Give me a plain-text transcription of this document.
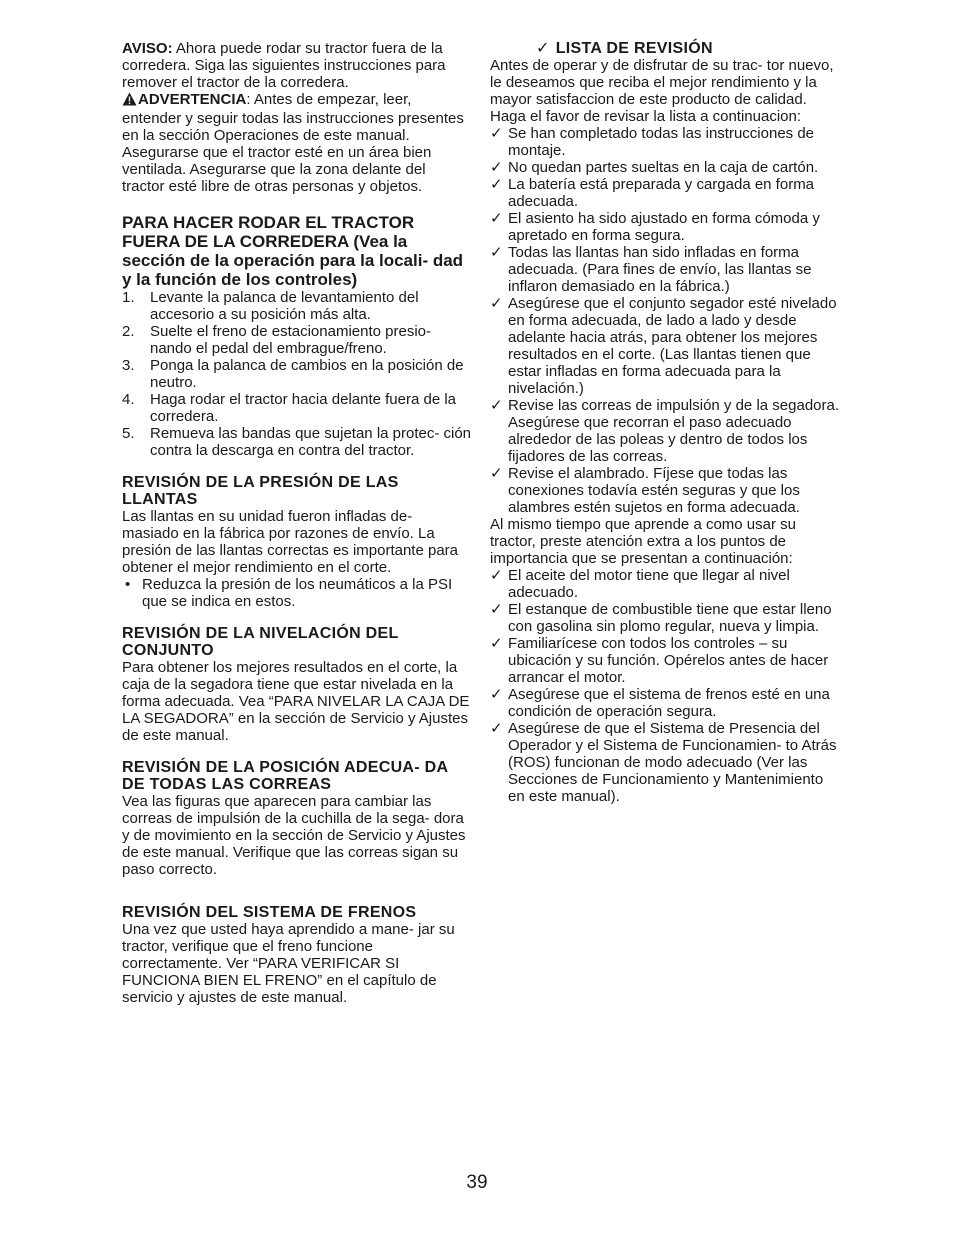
AVISO: Ahora puede rodar su tractor fuera de la corredera. Siga las siguientes instrucciones para remover el tractor de la corredera.

ADVERTENCIA: Antes de empezar, leer, entender y seguir todas las instrucciones presentes en la sección Operaciones de este manual. Asegurarse que el tractor esté en un área bien ventilada. Asegurarse que la zona delante del tractor esté libre de otras personas y objetos.

PARA HACER RODAR EL TRACTOR FUERA DE LA CORREDERA (Vea la sección de la operación para la locali- dad y la función de los controles)
1.	Levante la palanca de levantamiento del accesorio a su posición más alta.
2.	Suelte el freno de estacionamiento presio- nando el pedal del embrague/freno.
3.	Ponga la palanca de cambios en la posición de neutro.
4.	Haga rodar el tractor hacia delante fuera de la corredera.
5.	Remueva las bandas que sujetan la protec- ción contra la descarga en contra del tractor.
REVISIÓN DE LA PRESIÓN DE LAS LLANTAS

Las llantas en su unidad fueron infladas de- masiado en la fábrica por razones de envío. La presión de las llantas correctas es importante para obtener el mejor rendimiento en el corte.

• Reduzca la presión de los neumáticos a la PSI que se indica en estos.
REVISIÓN DE LA NIVELACIÓN DEL CONJUNTO

Para obtener los mejores resultados en el corte, la caja de la segadora tiene que estar nivelada en la forma adecuada. Vea “PARA NIVELAR LA CAJA DE LA SEGADORA” en la sección de Servicio y Ajustes de este manual.

REVISIÓN DE LA POSICIÓN ADECUA- DA DE TODAS LAS CORREAS

Vea las figuras que aparecen para cambiar las correas de impulsión de la cuchilla de la sega- dora y de movimiento en la sección de Servicio y Ajustes de este manual. Verifique que las correas sigan su paso correcto.

REVISIÓN DEL SISTEMA DE FRENOS

Una vez que usted haya aprendido a mane- jar su tractor, verifique que el freno funcione correctamente. Ver “PARA VERIFICAR SI FUNCIONA BIEN EL FRENO” en el capítulo de servicio y ajustes de este manual.

✓ LISTA DE REVISIÓN

Antes de operar y de disfrutar de su trac- tor nuevo, le deseamos que reciba el mejor rendimiento y la mayor satisfaccion de este producto de calidad.

Haga el favor de revisar la lista a continuacion:

✓ Se han completado todas las instrucciones de montaje.
✓ No quedan partes sueltas en la caja de cartón.
✓ La batería está preparada y cargada en forma adecuada.
✓ El asiento ha sido ajustado en forma cómoda y apretado en forma segura.
✓ Todas las llantas han sido infladas en forma adecuada. (Para fines de envío, las llantas se inflaron demasiado en la fábrica.)
✓ Asegúrese que el conjunto segador esté nivelado en forma adecuada, de lado a lado y desde adelante hacia atrás, para obtener los mejores resultados en el corte. (Las llantas tienen que estar infladas en forma adecuada para la nivelación.)
✓ Revise las correas de impulsión y de la segadora. Asegúrese que recorran el paso adecuado alrededor de las poleas y dentro de todos los fijadores de las correas.
✓ Revise el alambrado. Fíjese que todas las conexiones todavía estén seguras y que los alambres estén sujetos en forma adecuada.

Al mismo tiempo que aprende a como usar su tractor, preste atención extra a los puntos de importancia que se presentan a continuación:

✓ El aceite del motor tiene que llegar al nivel adecuado.
✓ El estanque de combustible tiene que estar lleno con gasolina sin plomo regular, nueva y limpia.
✓ Familiarícese con todos los controles – su ubicación y su función. Opérelos antes de hacer arrancar el motor.
✓ Asegúrese que el sistema de frenos esté en una condición de operación segura.
✓ Asegúrese de que el Sistema de Presencia del Operador y el Sistema de Funcionamien- to Atrás (ROS) funcionan de modo adecuado (Ver las Secciones de Funcionamiento y Mantenimiento en este manual).
39
